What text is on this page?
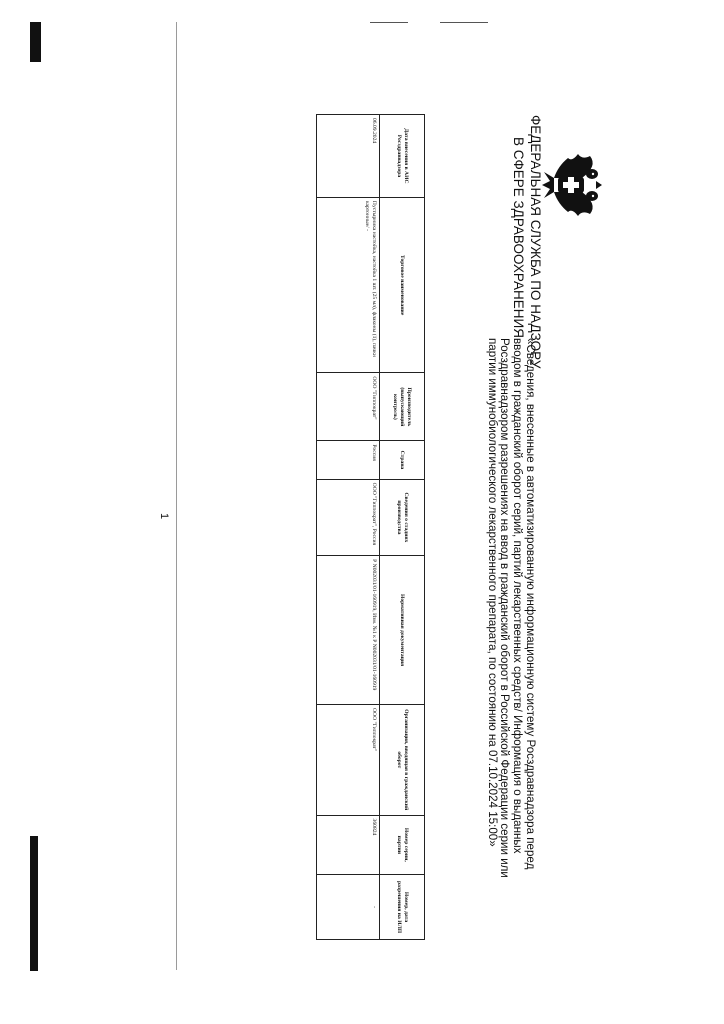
ФЕДЕРАЛЬНАЯ СЛУЖБА ПО НАДЗОРУ
В СФЕРЕ ЗДРАВООХРАНЕНИЯ

«Сведения, внесенные в автоматизированную информационную систему Росздравнадзора перед вводом в гражданский оборот серий, партий лекарственных средств/ Информация о выданных Росздравнадзором разрешениях на ввод в гражданский оборот в Российской Федерации серии или партии иммунобиологического лекарственного препарата, по состоянию на 07.10.2024 15:00»

Дата внесения в АИС Росздравнадзора	Торговое наименование	Производитель (выпускающий контроль)	Страна	Сведения о стадиях производства	Нормативная документация	Организация, вводящая в гражданский оборот	Номер серии, партии	Номер, дата разрешения на ИЛП
06.09.2024	Пустырника настойка, настойка 1 шт. (25 мл), флаконы (1), пачки картонные/ -	ООО "Гиппократ"	Россия	ООО "Гиппократ", Россия	Р N002031/01-160919, Изм. №1 к Р N002031/01-160919	ООО "Гиппократ"	360824	-
1
